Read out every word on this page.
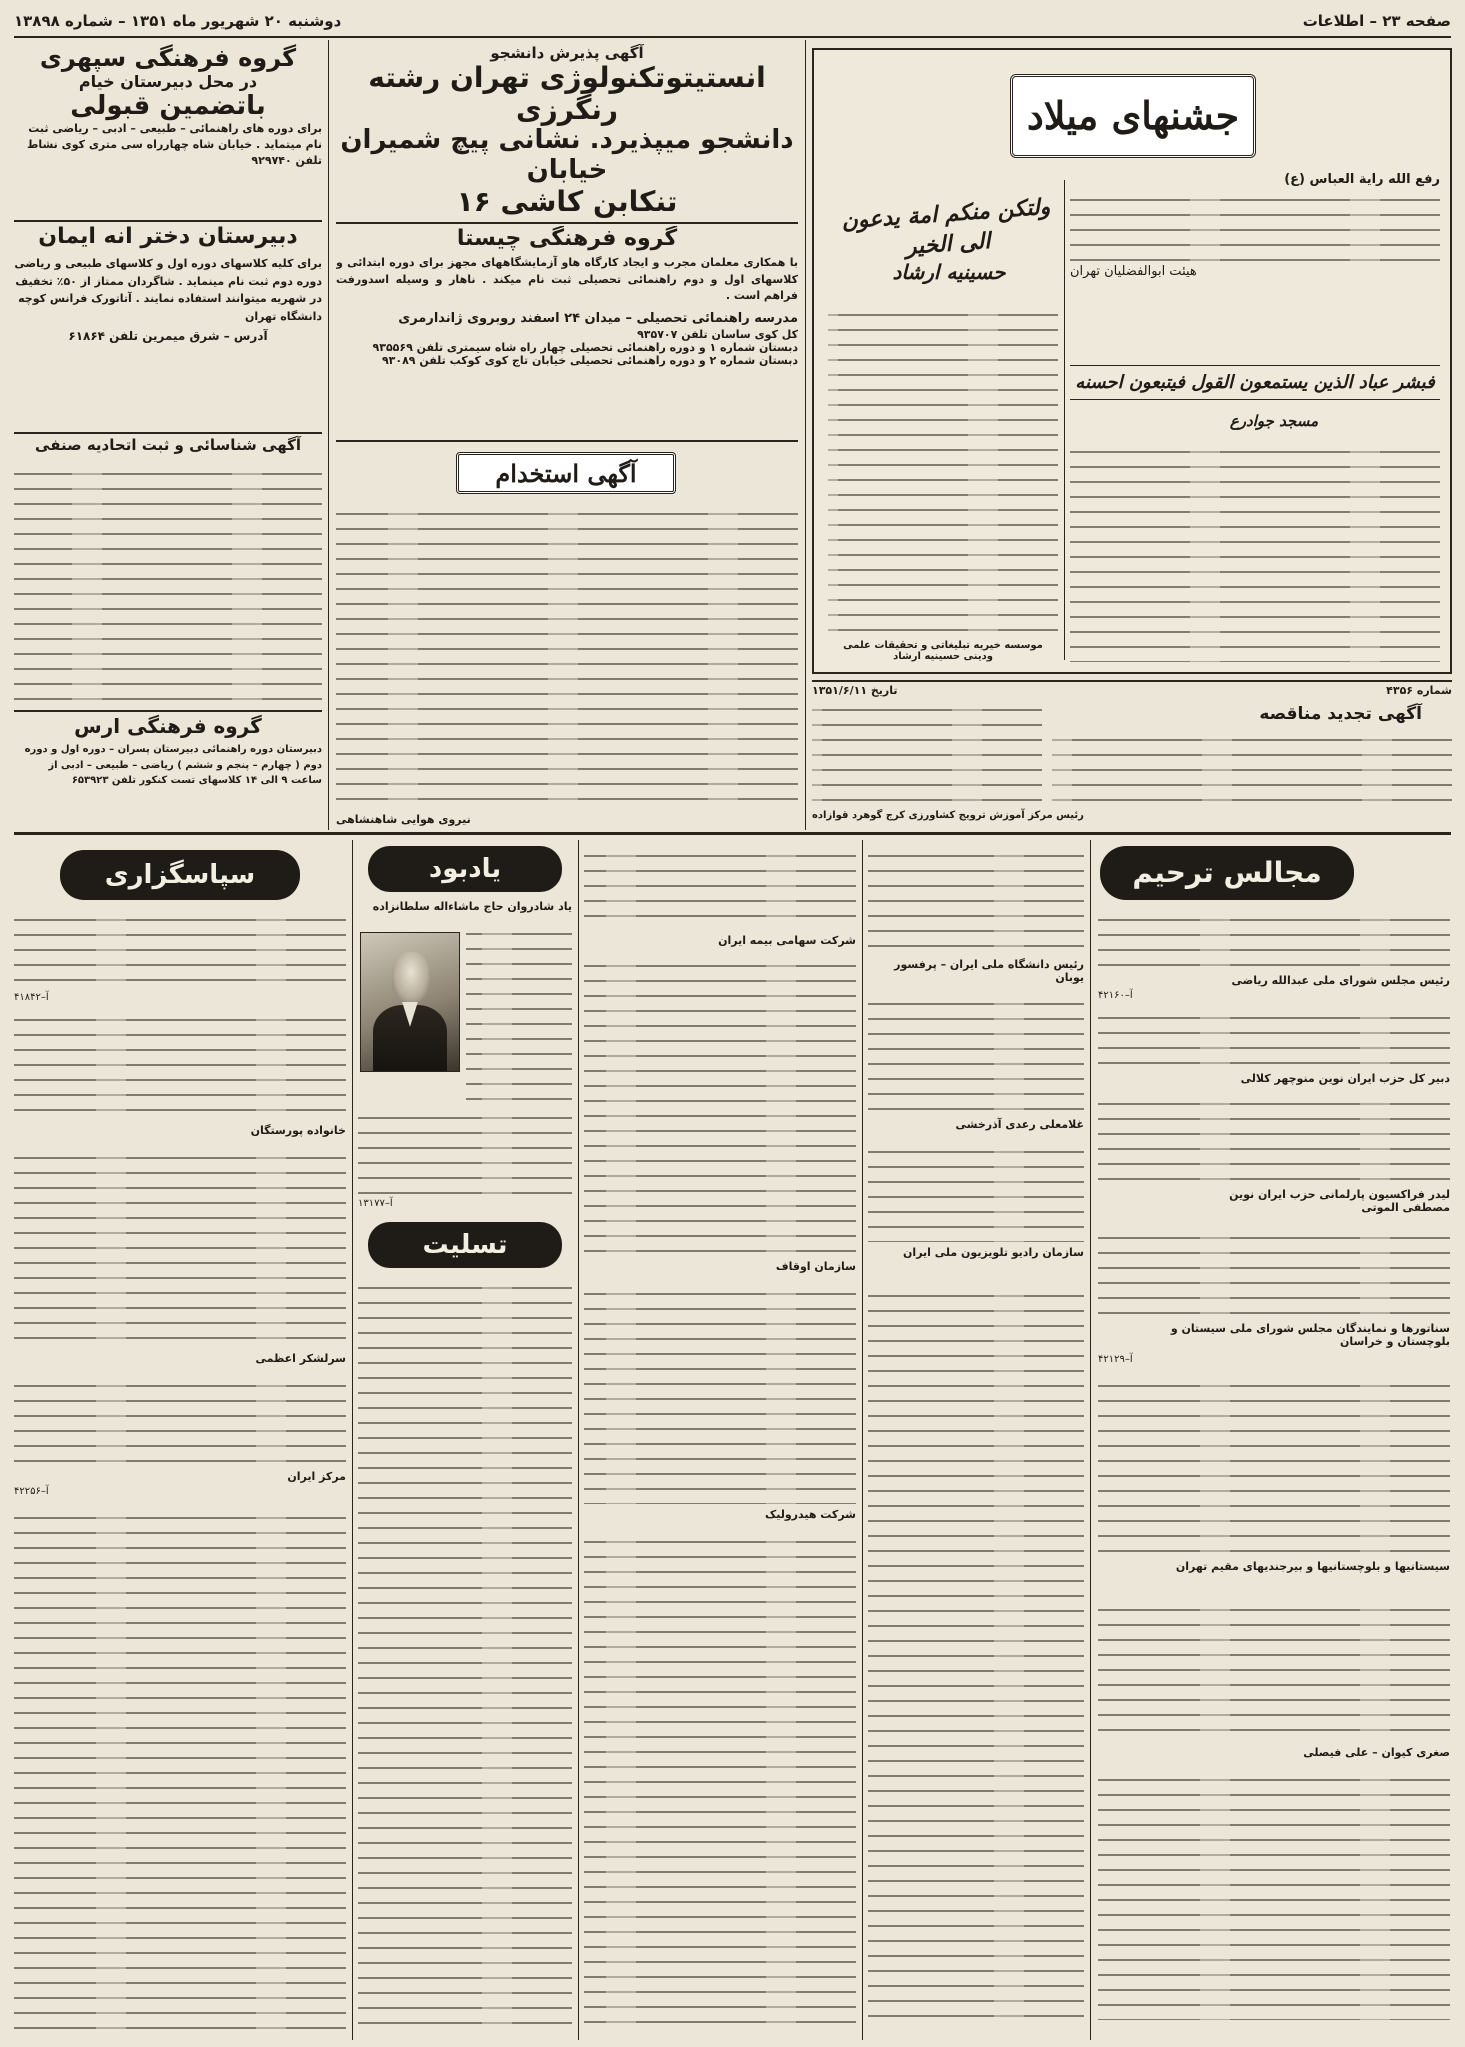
صفحه ۲۳ – اطلاعات
دوشنبه ۲۰ شهریور ماه ۱۳۵۱ – شماره ۱۳۸۹۸
جشنهای میلاد
رفع الله رایة العباس (ع)
هیئت ابوالفضلیان تهران
ولتکن منکم امة یدعون الی الخیر
حسینیه ارشاد
فبشر عباد الذین یستمعون القول فیتبعون احسنه
مسجد جوادرع
موسسه خیریه تبلیغاتی و تحقیقات علمی ودینی حسینیه ارشاد
شماره ۴۳۵۶
تاریخ ۱۳۵۱/۶/۱۱
آگهی تجدید مناقصه
رئیس مرکز آموزش ترویج کشاورزی کرج گوهرد قوازاده
آگهی پذیرش دانشجو
انستیتوتکنولوژی تهران رشته رنگرزی
دانشجو میپذیرد. نشانی پیچ شمیران خیابان
تنکابن کاشی ۱۶
گروه فرهنگی چیستا
با همکاری معلمان مجرب و ایجاد کارگاه هاو آزمایشگاههای مجهز برای دوره ابتدائی و کلاسهای اول و دوم راهنمائی تحصیلی ثبت نام میکند . ناهار و وسیله اسدورفت فراهم است .
مدرسه راهنمائی تحصیلی – میدان ۲۴ اسفند روبروی ژاندارمری
کل کوی ساسان تلفن ۹۳۵۷۰۷
دبستان شماره ۱ و دوره راهنمائی تحصیلی چهار راه شاه سیمتری تلفن ۹۳۵۵۶۹
دبستان شماره ۲ و دوره راهنمائی تحصیلی خیابان تاج کوی کوکب تلفن ۹۳۰۸۹
آگهی استخدام
نیروی هوایی شاهنشاهی
گروه فرهنگی سپهری
در محل دبیرستان خیام
باتضمین قبولی
برای دوره های راهنمائی – طبیعی – ادبی – ریاضی ثبت نام میتماید . خیابان شاه چهارراه سی متری کوی نشاط تلفن ۹۲۹۷۴۰
دبیرستان دختر انه ایمان
برای کلیه کلاسهای دوره اول و کلاسهای طبیعی و ریاضی دوره دوم ثبت نام مینماید . شاگردان ممتاز از ۵۰٪ تخفیف در شهریه میتوانند استفاده نمایند . آتاتورک فرانس کوچه دانشگاه تهران
آدرس – شرق میمرین تلفن ۶۱۸۶۴
آگهی شناسائی و ثبت اتحادیه صنفی
گروه فرهنگی ارس
دبیرستان دوره راهنمائی دبیرستان پسران – دوره اول و دوره دوم ( چهارم – پنجم و ششم ) ریاضی – طبیعی – ادبی از ساعت ۹ الی ۱۴ کلاسهای تست کنکور تلفن ۶۵۳۹۲۳
مجالس ترحیم
رئیس مجلس شورای ملی عبدالله ریاضی
آ–۴۲۱۶۰
دبیر کل حزب ایران نوین منوچهر کلالی
لیدر فراکسیون پارلمانی حزب ایران نوین مصطفی الموتی
سناتورها و نمایندگان مجلس شورای ملی سیستان و بلوچستان و خراسان
آ–۴۲۱۲۹
سیستانیها و بلوچستانیها و بیرجندیهای مقیم تهران
صغری کیوان – علی فیصلی
رئیس دانشگاه ملی ایران – پرفسور یوبان
غلامعلی رعدی آذرخشی
سازمان رادیو تلویزیون ملی ایران
شرکت سهامی بیمه ایران
سازمان اوقاف
شرکت هیدرولیک
یادبود
یاد شادروان حاج ماشاءاله سلطانزاده
آ–۱۳۱۷۷
تسلیت
سپاسگزاری
آ–۴۱۸۴۲
خانواده پورستگان
سرلشکر اعظمی
مرکز ایران
آ–۴۲۲۵۶
